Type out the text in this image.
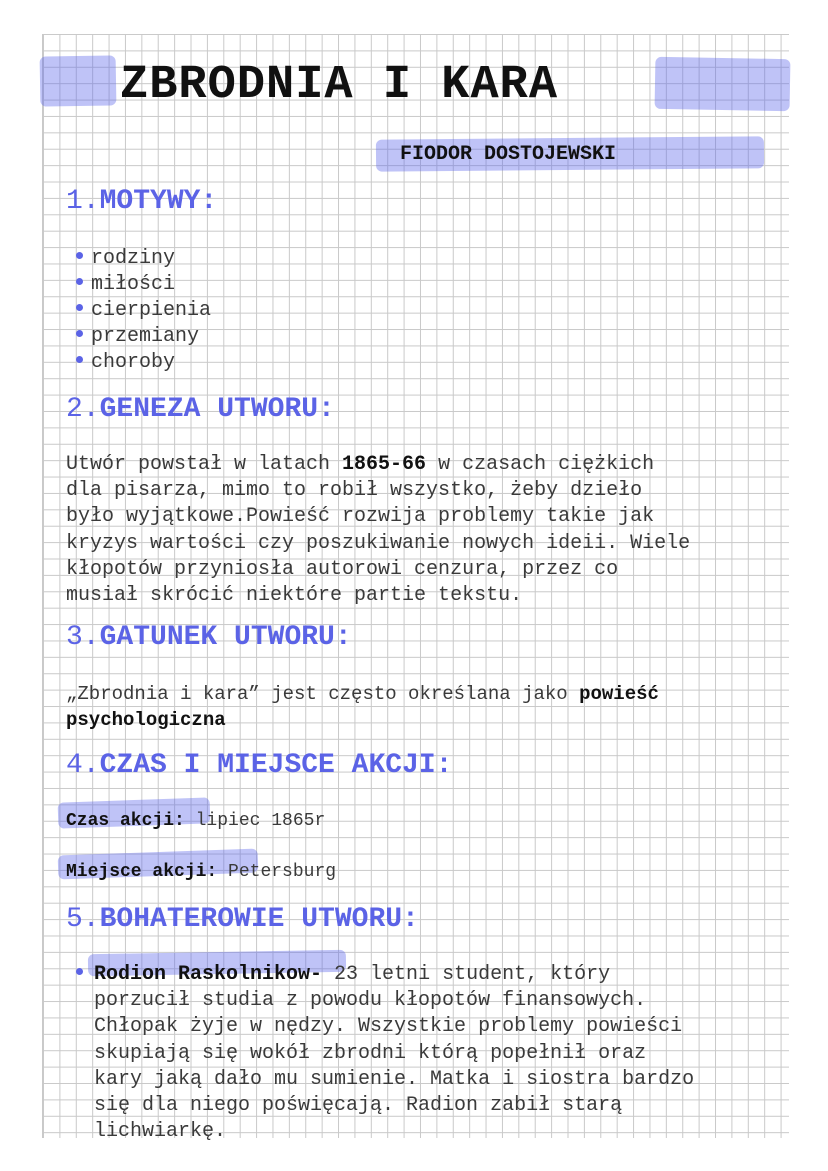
ZBRODNIA I KARA
FIODOR DOSTOJEWSKI
1.MOTYWY:
rodziny
miłości
cierpienia
przemiany
choroby
2.GENEZA UTWORU:

Utwór powstał w latach 1865-66 w czasach ciężkich
dla pisarza, mimo to robił wszystko, żeby dzieło
było wyjątkowe.Powieść rozwija problemy takie jak
kryzys wartości czy poszukiwanie nowych ideii. Wiele
kłopotów przyniosła autorowi cenzura, przez co
musiał skrócić niektóre partie tekstu.

3.GATUNEK UTWORU:

„Zbrodnia i kara” jest często określana jako powieść
psychologiczna

4.CZAS I MIEJSCE AKCJI:
Czas akcji: lipiec 1865r
Miejsce akcji: Petersburg
5.BOHATEROWIE UTWORU:

Rodion Raskolnikow- 23 letni student, który
porzucił studia z powodu kłopotów finansowych.
Chłopak żyje w nędzy. Wszystkie problemy powieści
skupiają się wokół zbrodni którą popełnił oraz
kary jaką dało mu sumienie. Matka i siostra bardzo
się dla niego poświęcają. Radion zabił starą
lichwiarkę.
